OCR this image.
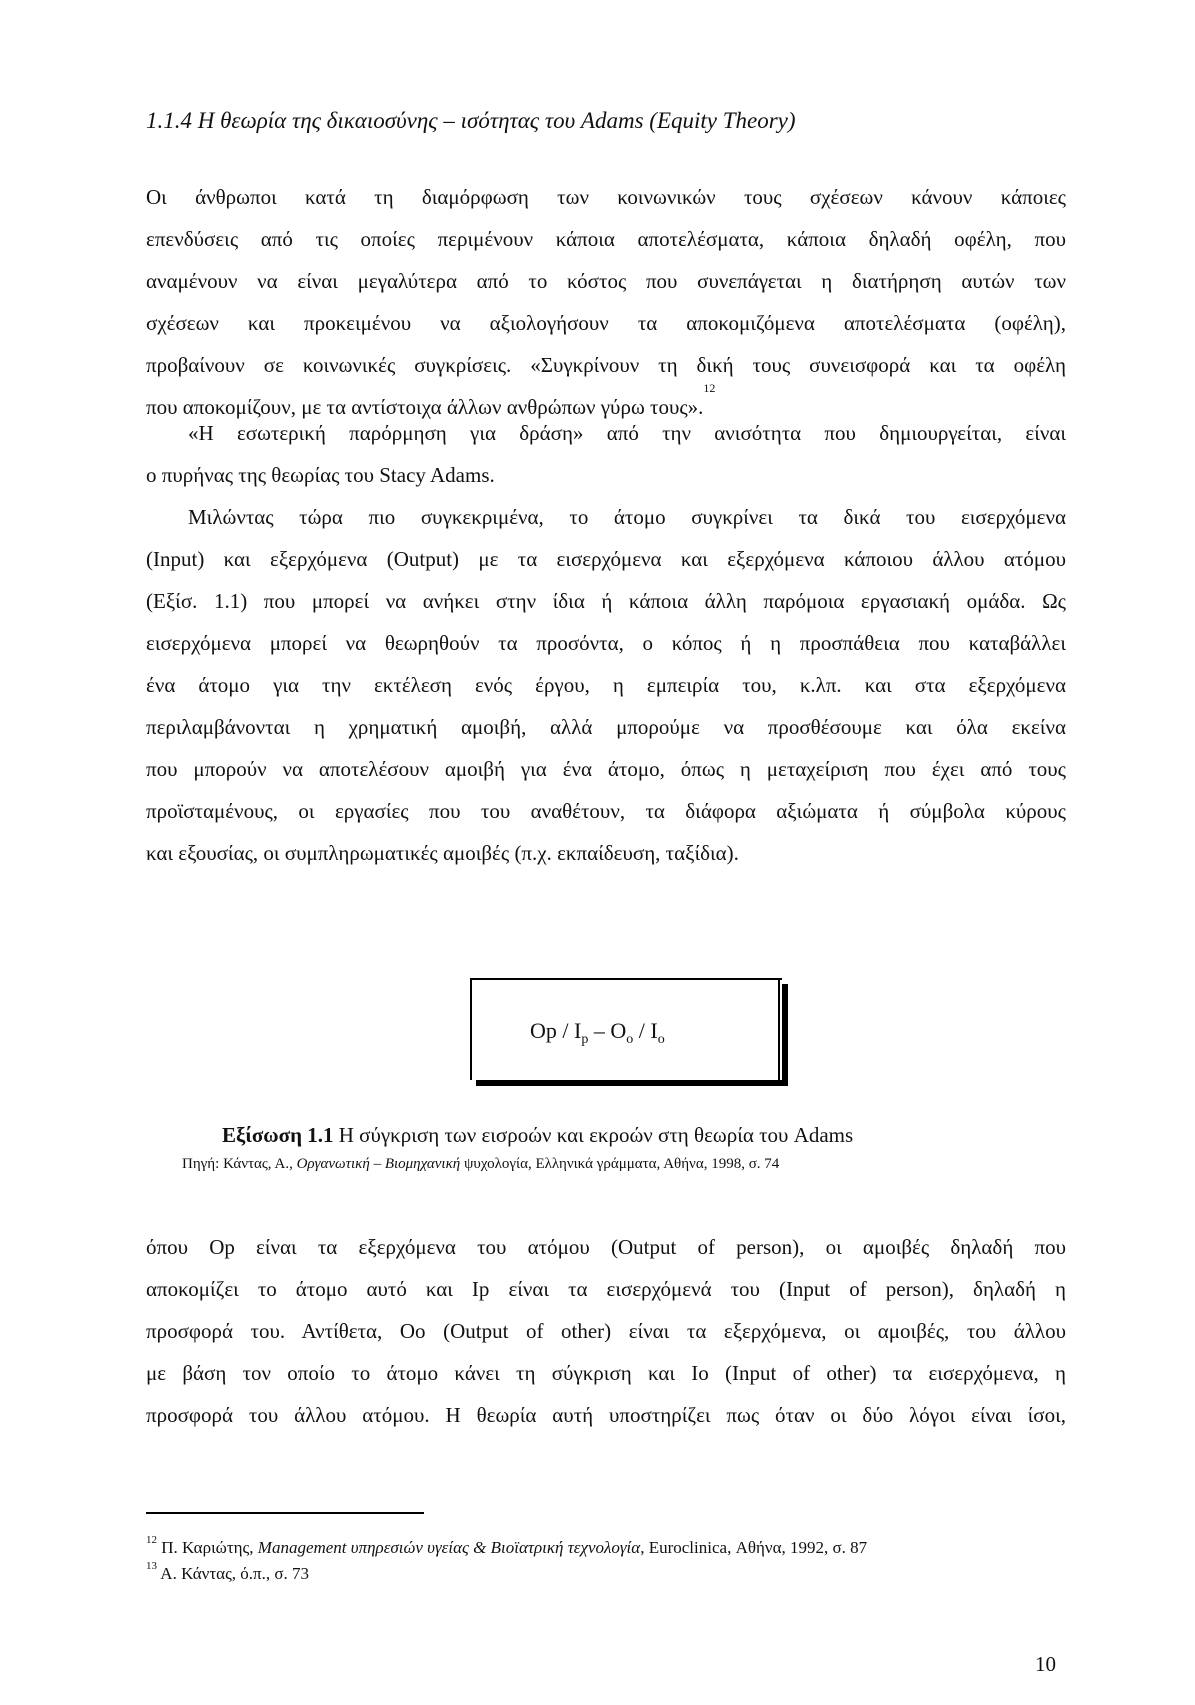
1.1.4 Η θεωρία της δικαιοσύνης – ισότητας του Adams (Equity Theory)
Οι άνθρωποι κατά τη διαμόρφωση των κοινωνικών τους σχέσεων κάνουν κάποιες
επενδύσεις από τις οποίες περιμένουν κάποια αποτελέσματα, κάποια δηλαδή οφέλη, που
αναμένουν να είναι μεγαλύτερα από το κόστος που συνεπάγεται η διατήρηση αυτών των
σχέσεων και προκειμένου να αξιολογήσουν τα αποκομιζόμενα αποτελέσματα (οφέλη),
προβαίνουν σε κοινωνικές συγκρίσεις. «Συγκρίνουν τη δική τους συνεισφορά και τα οφέλη
που αποκομίζουν, με τα αντίστοιχα άλλων ανθρώπων γύρω τους».$^{12}$
«Η εσωτερική παρόρμηση για δράση» από την ανισότητα που δημιουργείται, είναι
ο πυρήνας της θεωρίας του Stacy Adams.
Μιλώντας τώρα πιο συγκεκριμένα, το άτομο συγκρίνει τα δικά του εισερχόμενα
(Input) και εξερχόμενα (Output) με τα εισερχόμενα και εξερχόμενα κάποιου άλλου ατόμου
(Εξίσ. 1.1) που μπορεί να ανήκει στην ίδια ή κάποια άλλη παρόμοια εργασιακή ομάδα. Ως
εισερχόμενα μπορεί να θεωρηθούν τα προσόντα, ο κόπος ή η προσπάθεια που καταβάλλει
ένα άτομο για την εκτέλεση ενός έργου, η εμπειρία του, κ.λπ. και στα εξερχόμενα
περιλαμβάνονται η χρηματική αμοιβή, αλλά μπορούμε να προσθέσουμε και όλα εκείνα
που μπορούν να αποτελέσουν αμοιβή για ένα άτομο, όπως η μεταχείριση που έχει από τους
προϊσταμένους, οι εργασίες που του αναθέτουν, τα διάφορα αξιώματα ή σύμβολα κύρους
και εξουσίας, οι συμπληρωματικές αμοιβές (π.χ. εκπαίδευση, ταξίδια).
Op / $I_p - O_o / I_o$
Εξίσωση 1.1 Η σύγκριση των εισροών και εκροών στη θεωρία του Adams
Πηγή: Κάντας, Α., Οργανωτική – Βιομηχανική ψυχολογία, Ελληνικά γράμματα, Αθήνα, 1998, σ. 74
όπου Op είναι τα εξερχόμενα του ατόμου (Output of person), οι αμοιβές δηλαδή που
αποκομίζει το άτομο αυτό και Ip είναι τα εισερχόμενά του (Input of person), δηλαδή η
προσφορά του. Αντίθετα, Oo (Output of other) είναι τα εξερχόμενα, οι αμοιβές, του άλλου
με βάση τον οποίο το άτομο κάνει τη σύγκριση και Io (Input of other) τα εισερχόμενα, η
προσφορά του άλλου ατόμου. Η θεωρία αυτή υποστηρίζει πως όταν οι δύο λόγοι είναι ίσοι,
$^{12}$ Π. Καριώτης, Management υπηρεσιών υγείας & Βιοϊατρική τεχνολογία, Euroclinica, Αθήνα, 1992, σ. 87
$^{13}$ Α. Κάντας, ό.π., σ. 73
10
